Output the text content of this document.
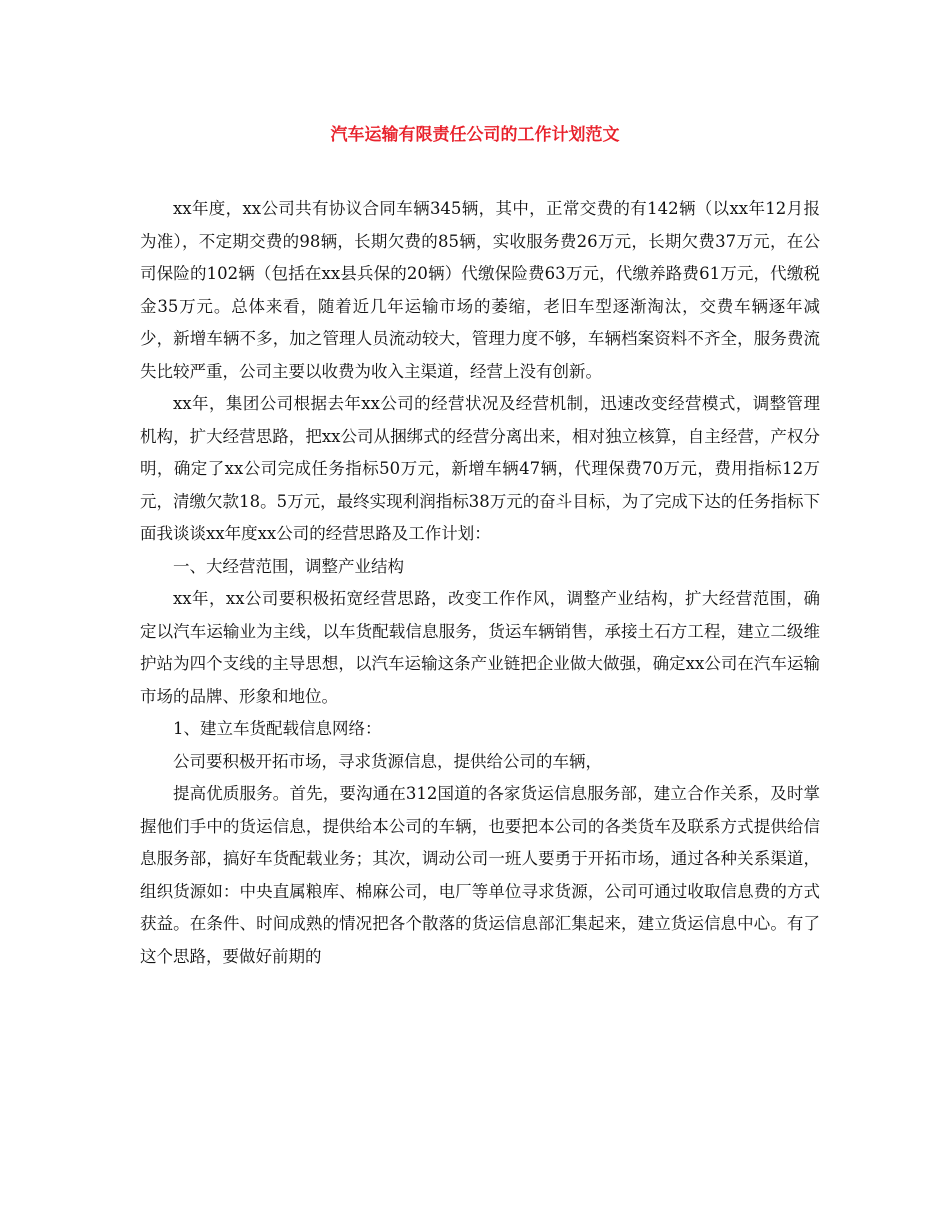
汽车运输有限责任公司的工作计划范文

xx年度，xx公司共有协议合同车辆345辆，其中，正常交费的有142辆（以xx年12月报为准），不定期交费的98辆，长期欠费的85辆，实收服务费26万元，长期欠费37万元，在公司保险的102辆（包括在xx县兵保的20辆）代缴保险费63万元，代缴养路费61万元，代缴税金35万元。总体来看，随着近几年运输市场的萎缩，老旧车型逐渐淘汰，交费车辆逐年减少，新增车辆不多，加之管理人员流动较大，管理力度不够，车辆档案资料不齐全，服务费流失比较严重，公司主要以收费为收入主渠道，经营上没有创新。

xx年，集团公司根据去年xx公司的经营状况及经营机制，迅速改变经营模式，调整管理机构，扩大经营思路，把xx公司从捆绑式的经营分离出来，相对独立核算，自主经营，产权分明，确定了xx公司完成任务指标50万元，新增车辆47辆，代理保费70万元，费用指标12万元，清缴欠款18。5万元，最终实现利润指标38万元的奋斗目标，为了完成下达的任务指标下面我谈谈xx年度xx公司的经营思路及工作计划：

一、大经营范围，调整产业结构

xx年，xx公司要积极拓宽经营思路，改变工作作风，调整产业结构，扩大经营范围，确定以汽车运输业为主线，以车货配载信息服务，货运车辆销售，承接土石方工程，建立二级维护站为四个支线的主导思想，以汽车运输这条产业链把企业做大做强，确定xx公司在汽车运输市场的品牌、形象和地位。

1、建立车货配载信息网络：

公司要积极开拓市场，寻求货源信息，提供给公司的车辆，

提高优质服务。首先，要沟通在312国道的各家货运信息服务部，建立合作关系，及时掌握他们手中的货运信息，提供给本公司的车辆，也要把本公司的各类货车及联系方式提供给信息服务部，搞好车货配载业务；其次，调动公司一班人要勇于开拓市场，通过各种关系渠道，组织货源如：中央直属粮库、棉麻公司，电厂等单位寻求货源，公司可通过收取信息费的方式获益。在条件、时间成熟的情况把各个散落的货运信息部汇集起来，建立货运信息中心。有了这个思路，要做好前期的
